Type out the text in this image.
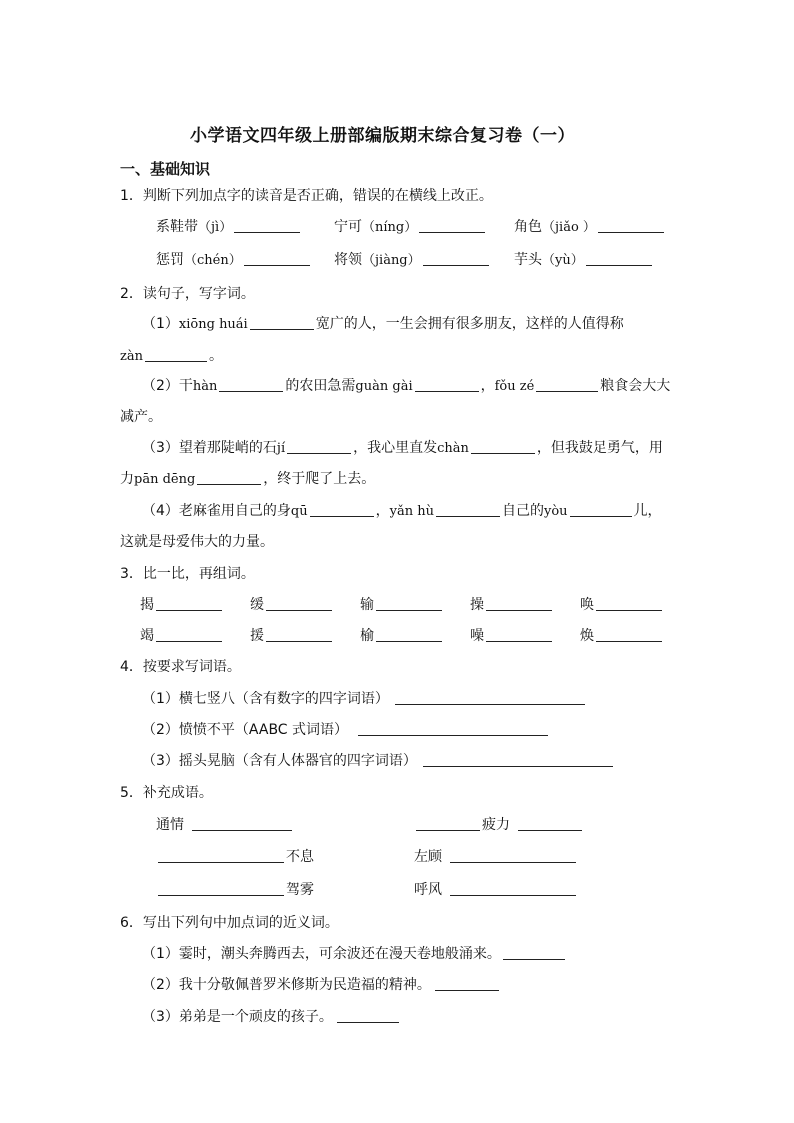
小学语文四年级上册部编版期末综合复习卷（一）
一、基础知识
1．判断下列加点字的读音是否正确，错误的在横线上改正。
系鞋带（jì）	宁可（níng）	角色（jiǎo ）
惩罚（chén）	将领（jiàng）	芋头（yù）
2．读句子，写字词。
（1）xiōng huái	宽广的人，一生会拥有很多朋友，这样的人值得称
zàn	。
（2）干hàn	的农田急需guàn gài	，fǒu zé	粮食会大大
减产。
（3）望着那陡峭的石jí	，我心里直发chàn	，但我鼓足勇气，用
力pān dēng	，终于爬了上去。
（4）老麻雀用自己的身qū	，yǎn hù	自己的yòu	儿，
这就是母爱伟大的力量。
3．比一比，再组词。
揭	缓	输	操	唤
竭	援	榆	噪	焕
4．按要求写词语。
（1）横七竖八（含有数字的四字词语）
（2）愤愤不平（AABC 式词语）
（3）摇头晃脑（含有人体器官的四字词语）
5．补充成语。
通情	疲力
不息	左顾
驾雾	呼风
6．写出下列句中加点词的近义词。
（1）霎时，潮头奔腾西去，可余波还在漫天卷地般涌来。
（2）我十分敬佩普罗米修斯为民造福的精神。
（3）弟弟是一个顽皮的孩子。
